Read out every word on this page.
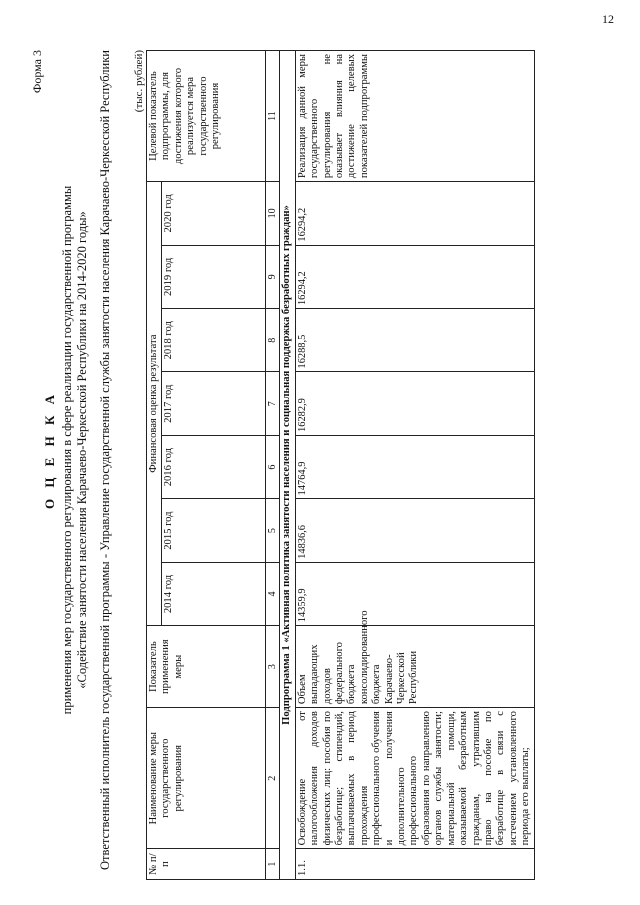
12
Форма 3
О Ц Е Н К А применения мер государственного регулирования в сфере реализации государственной программы «Содействие занятости населения Карачаево-Черкесской Республики на 2014-2020 годы» Ответственный исполнитель государственной программы - Управление государственной службы занятости населения Карачаево-Черкесской Республики (тыс. рублей)
№ п/п	Наименование меры государственного регулирования	Показатель применения меры	Финансовая оценка результата							Целевой показатель подпрограммы, для достижения которого реализуется мера государственного регулирования
			2014 год	2015 год	2016 год	2017 год	2018 год	2019 год	2020 год	
1	2	3	4	5	6	7	8	9	10	11
Подпрограмма 1 «Активная политика занятости населения и социальная поддержка безработных граждан»										
1.1.	Освобождение от налогообложения доходов физических лиц: пособия по безработице; стипендий, выплачиваемых в период прохождения профессионального обучения и получения дополнительного профессионального образования по направлению органов службы занятости; материальной помощи, оказываемой безработным гражданам, утратившим право на пособие по безработице в связи с истечением установленного периода его выплаты;	Объем выпадающих доходов федерального бюджета консолидированного бюджета Карачаево-Черкесской Республики	14359,9	14836,6	14764,9	16282,9	16288,5	16294,2	16294,2	Реализация данной меры государственного регулирования не оказывает влияния на достижение целевых показателей подпрограммы
